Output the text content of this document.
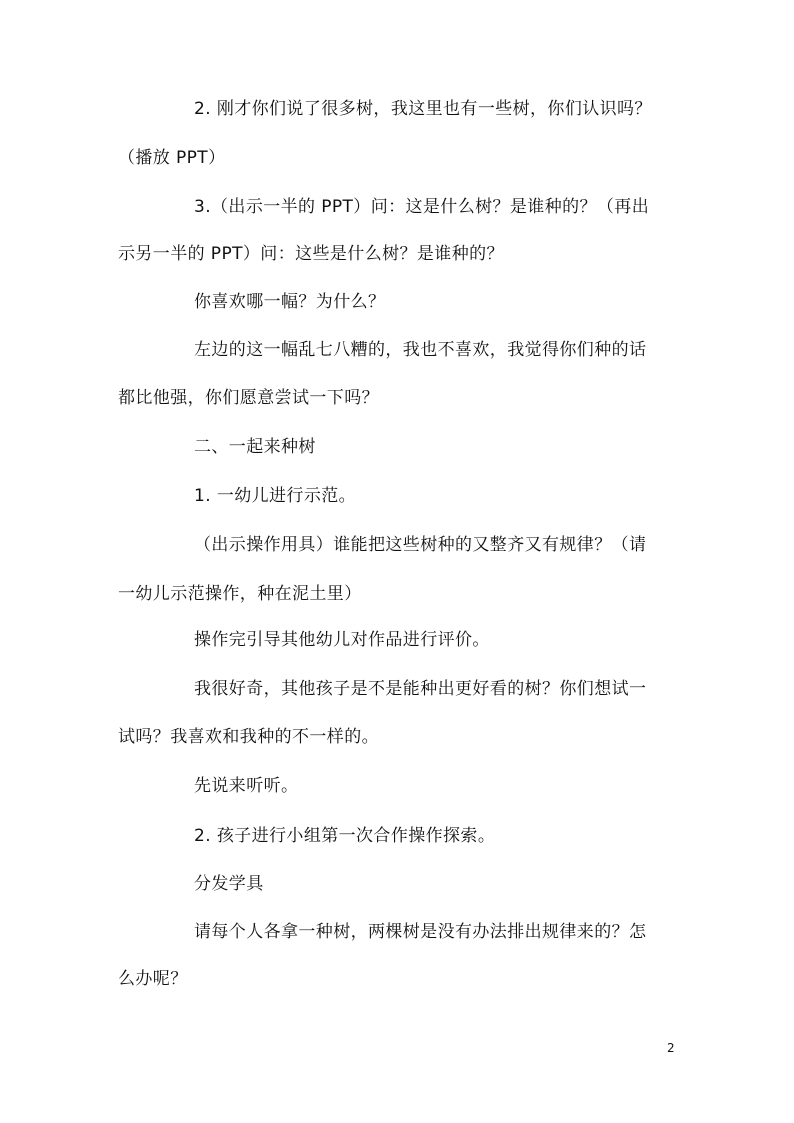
2. 刚才你们说了很多树，我这里也有一些树，你们认识吗？
（播放 PPT）
3.（出示一半的 PPT）问：这是什么树？是谁种的？（再出
示另一半的 PPT）问：这些是什么树？是谁种的？
你喜欢哪一幅？为什么？
左边的这一幅乱七八糟的，我也不喜欢，我觉得你们种的话
都比他强，你们愿意尝试一下吗？
二、一起来种树
1. 一幼儿进行示范。
（出示操作用具）谁能把这些树种的又整齐又有规律？（请
一幼儿示范操作，种在泥土里）
操作完引导其他幼儿对作品进行评价。
我很好奇，其他孩子是不是能种出更好看的树？你们想试一
试吗？我喜欢和我种的不一样的。
先说来听听。
2. 孩子进行小组第一次合作操作探索。
分发学具
请每个人各拿一种树，两棵树是没有办法排出规律来的？怎
么办呢？
2
